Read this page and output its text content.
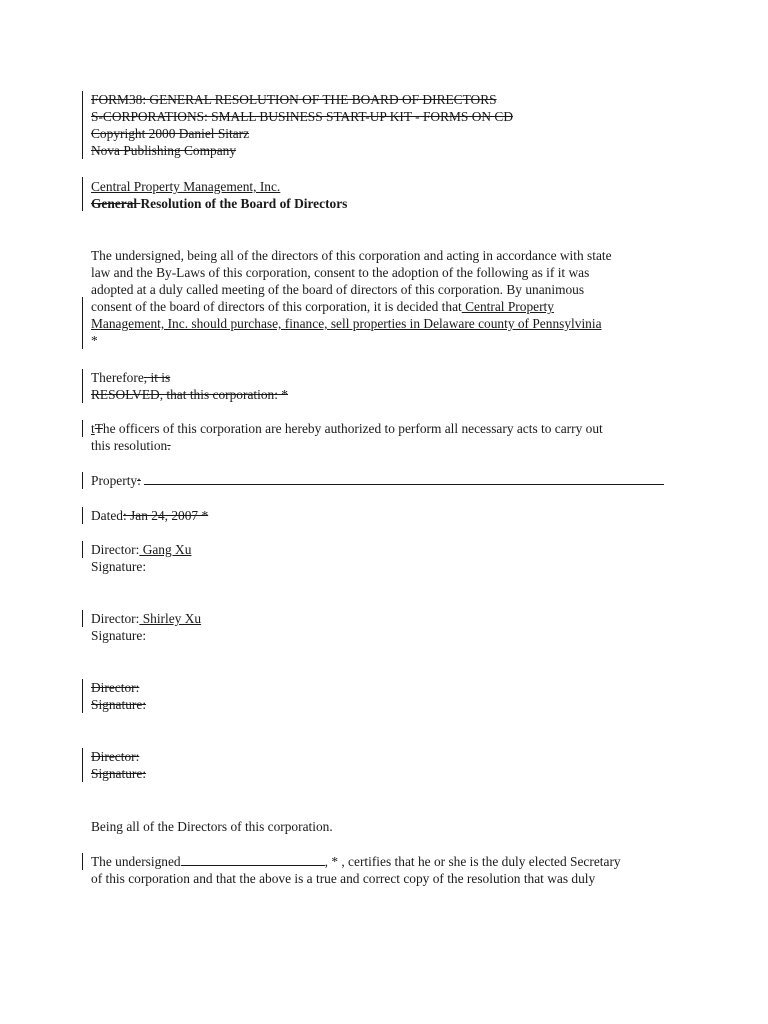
FORM38: GENERAL RESOLUTION OF THE BOARD OF DIRECTORS
S-CORPORATIONS: SMALL BUSINESS START-UP KIT - FORMS ON CD
Copyright 2000 Daniel Sitarz
Nova Publishing Company
Central Property Management, Inc.
General Resolution of the Board of Directors
The undersigned, being all of the directors of this corporation and acting in accordance with state
law and the By-Laws of this corporation, consent to the adoption of the following as if it was
adopted at a duly called meeting of the board of directors of this corporation. By unanimous
consent of the board of directors of this corporation, it is decided that Central Property
Management, Inc. should purchase, finance, sell properties in Delaware county of Pennsylvinia
*
Therefore, it is
RESOLVED, that this corporation: *
tThe officers of this corporation are hereby authorized to perform all necessary acts to carry out
this resolution.
Property:
Dated: Jan 24, 2007 *
Director: Gang Xu
Signature:
Director: Shirley Xu
Signature:
Director:
Signature:
Director:
Signature:
Being all of the Directors of this corporation.
The undersigned	, * , certifies that he or she is the duly elected Secretary
of this corporation and that the above is a true and correct copy of the resolution that was duly
